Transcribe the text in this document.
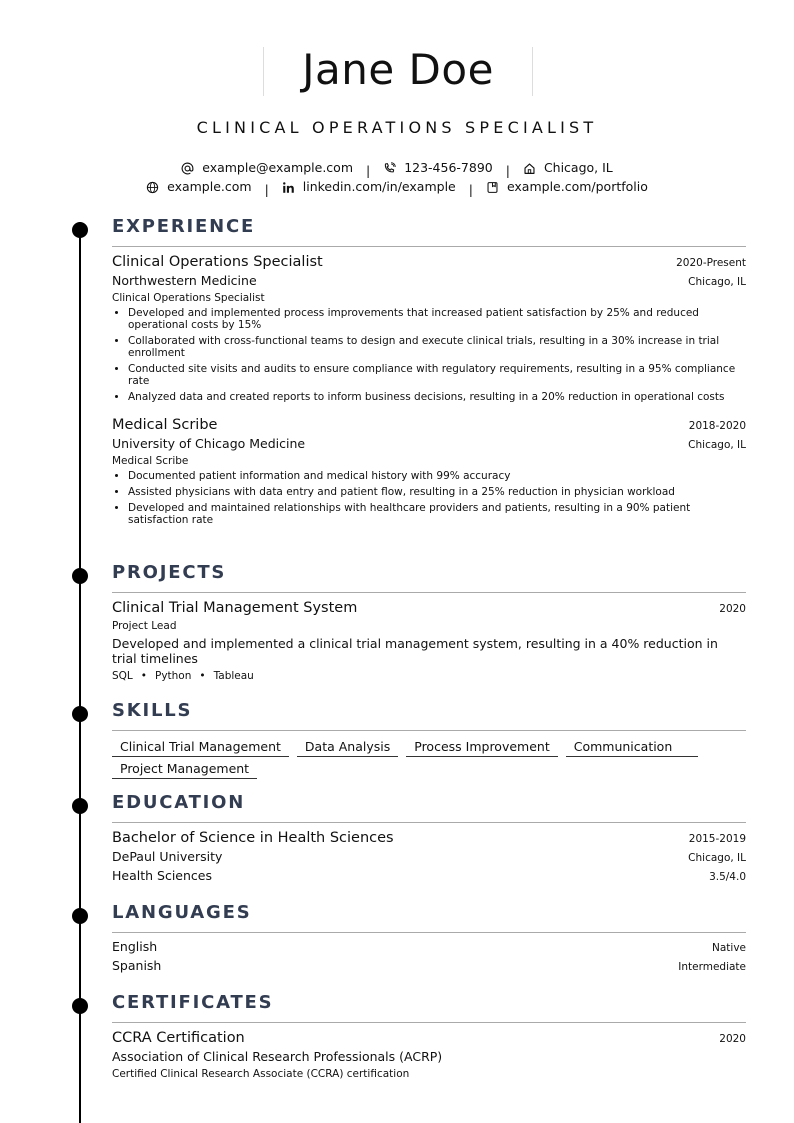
Jane Doe
CLINICAL OPERATIONS SPECIALIST
example@example.com |	123-456-7890 |	Chicago, IL
example.com |	linkedin.com/in/example |	example.com/portfolio
EXPERIENCE
Clinical Operations Specialist	2020-Present
Northwestern Medicine	Chicago, IL
Clinical Operations Specialist
• Developed and implemented process improvements that increased patient satisfaction by 25% and reduced operational costs by 15%
• Collaborated with cross-functional teams to design and execute clinical trials, resulting in a 30% increase in trial enrollment
• Conducted site visits and audits to ensure compliance with regulatory requirements, resulting in a 95% compliance rate
• Analyzed data and created reports to inform business decisions, resulting in a 20% reduction in operational costs
Medical Scribe	2018-2020
University of Chicago Medicine	Chicago, IL
Medical Scribe
• Documented patient information and medical history with 99% accuracy
• Assisted physicians with data entry and patient flow, resulting in a 25% reduction in physician workload
• Developed and maintained relationships with healthcare providers and patients, resulting in a 90% patient satisfaction rate
PROJECTS
Clinical Trial Management System	2020
Project Lead
Developed and implemented a clinical trial management system, resulting in a 40% reduction in trial timelines
SQL • Python • Tableau
SKILLS
Clinical Trial Management	Data Analysis	Process Improvement	Communication
Project Management
EDUCATION
Bachelor of Science in Health Sciences	2015-2019
DePaul University	Chicago, IL
Health Sciences	3.5/4.0
LANGUAGES
English	Native
Spanish	Intermediate
CERTIFICATES
CCRA Certification	2020
Association of Clinical Research Professionals (ACRP)
Certified Clinical Research Associate (CCRA) certification
